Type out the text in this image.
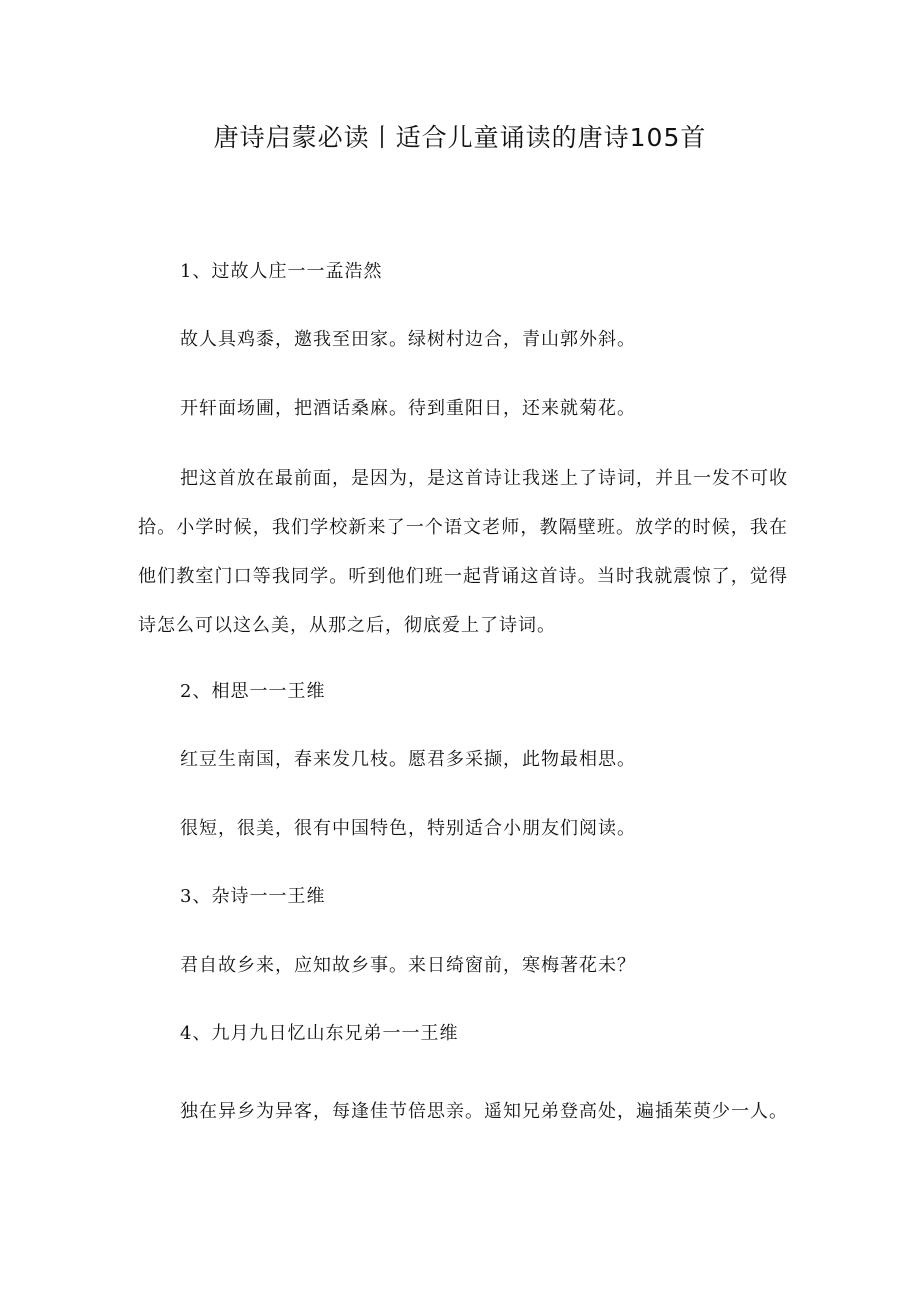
唐诗启蒙必读丨适合儿童诵读的唐诗105首

1、过故人庄一一孟浩然

故人具鸡黍，邀我至田家。绿树村边合，青山郭外斜。

开轩面场圃，把酒话桑麻。待到重阳日，还来就菊花。

把这首放在最前面，是因为，是这首诗让我迷上了诗词，并且一发不可收拾。小学时候，我们学校新来了一个语文老师，教隔壁班。放学的时候，我在他们教室门口等我同学。听到他们班一起背诵这首诗。当时我就震惊了，觉得诗怎么可以这么美，从那之后，彻底爱上了诗词。

2、相思一一王维

红豆生南国，春来发几枝。愿君多采撷，此物最相思。

很短，很美，很有中国特色，特别适合小朋友们阅读。

3、杂诗一一王维

君自故乡来，应知故乡事。来日绮窗前，寒梅著花未？

4、九月九日忆山东兄弟一一王维

独在异乡为异客，每逢佳节倍思亲。遥知兄弟登高处，遍插茱萸少一人。
